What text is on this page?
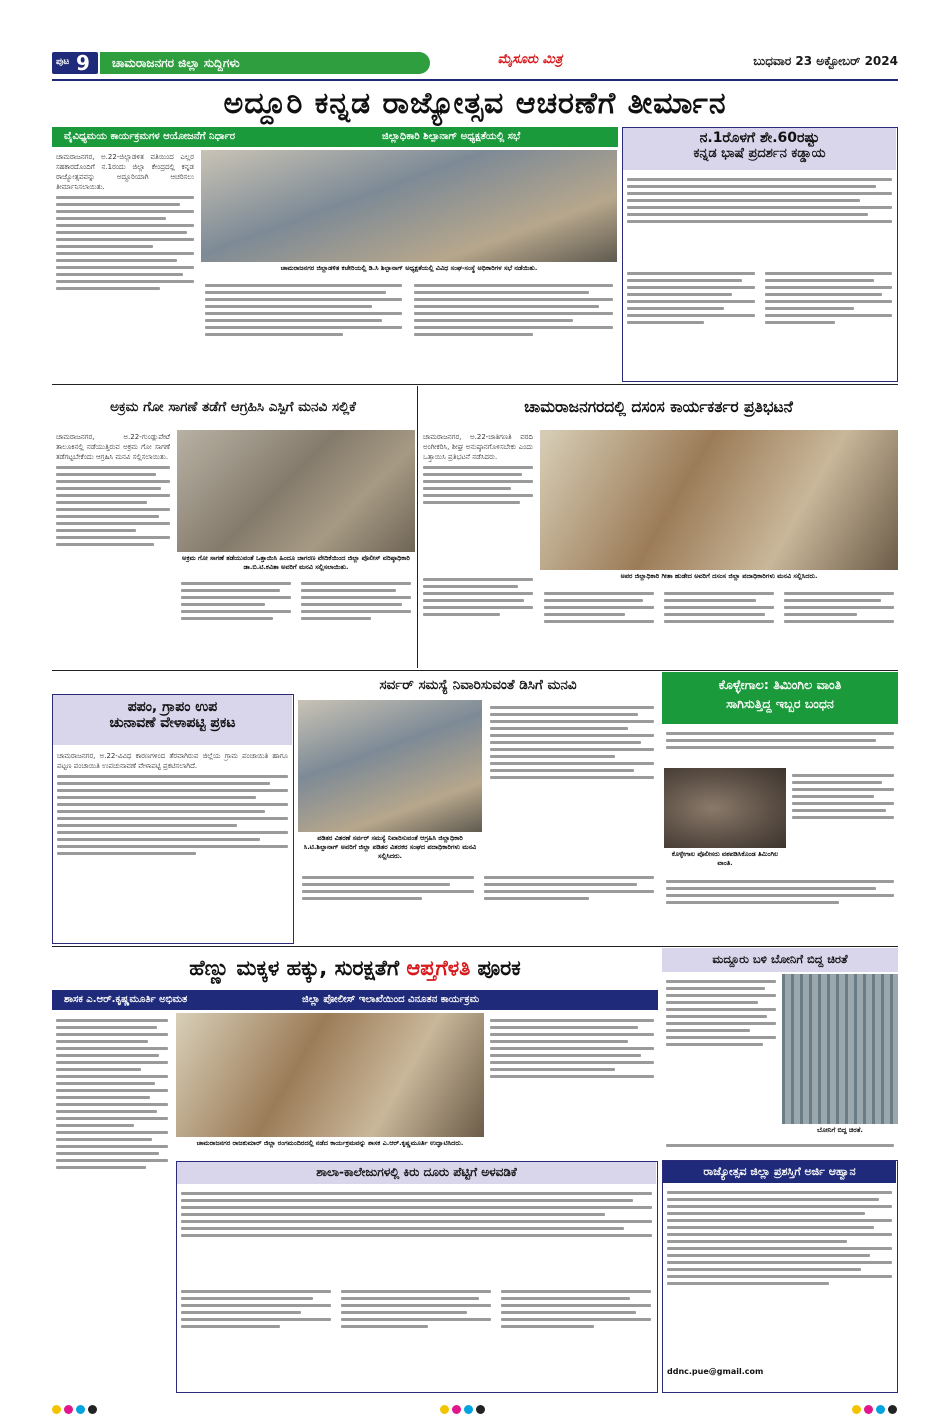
ಪುಟ 9 ಚಾಮರಾಜನಗರ ಜಿಲ್ಲಾ ಸುದ್ದಿಗಳು	ಮೈಸೂರು ಮಿತ್ರ	ಬುಧವಾರ 23 ಅಕ್ಟೋಬರ್ 2024
ಅದ್ದೂರಿ ಕನ್ನಡ ರಾಜ್ಯೋತ್ಸವ ಆಚರಣೆಗೆ ತೀರ್ಮಾನ
ವೈವಿಧ್ಯಮಯ ಕಾರ್ಯಕ್ರಮಗಳ ಆಯೋಜನೆಗೆ ನಿರ್ಧಾರ	ಜಿಲ್ಲಾಧಿಕಾರಿ ಶಿಲ್ಪಾನಾಗ್ ಅಧ್ಯಕ್ಷತೆಯಲ್ಲಿ ಸಭೆ
ಚಾಮರಾಜನಗರ, ಅ.22-ಜಿಲ್ಲಾಡಳಿತ ವತಿಯಿಂದ ಎಲ್ಲರ ಸಹಕಾರದೊಂದಿಗೆ ನ.1ರಂದು ಜಿಲ್ಲಾ ಕೇಂದ್ರದಲ್ಲಿ ಕನ್ನಡ ರಾಜ್ಯೋತ್ಸವವನ್ನು ಅದ್ದೂರಿಯಾಗಿ ಆಚರಿಸಲು ತೀರ್ಮಾನಿಸಲಾಯಿತು.
ಚಾಮರಾಜನಗರ ಜಿಲ್ಲಾಡಳಿತ ಕಚೇರಿಯಲ್ಲಿ ಡಿ.ಸಿ ಶಿಲ್ಪಾನಾಗ್ ಅಧ್ಯಕ್ಷತೆಯಲ್ಲಿ ವಿವಿಧ ಸಂಘ-ಸಂಸ್ಥೆ ಅಧಿಕಾರಿಗಳ ಸಭೆ ನಡೆಯಿತು.
ನ.1ರೊಳಗೆ ಶೇ.60ರಷ್ಟು
ಕನ್ನಡ ಭಾಷೆ ಪ್ರದರ್ಶನ ಕಡ್ಡಾಯ
ಅಕ್ರಮ ಗೋ ಸಾಗಣೆ ತಡೆಗೆ ಆಗ್ರಹಿಸಿ ಎಸ್ಪಿಗೆ ಮನವಿ ಸಲ್ಲಿಕೆ
ಚಾಮರಾಜನಗರ, ಅ.22-ಗುಂಡ್ಲುಪೇಟೆ ತಾಲೂಕಿನಲ್ಲಿ ನಡೆಯುತ್ತಿರುವ ಅಕ್ರಮ ಗೋ ಸಾಗಣೆ ತಡೆಗಟ್ಟಬೇಕೆಂದು ಆಗ್ರಹಿಸಿ ಮನವಿ ಸಲ್ಲಿಸಲಾಯಿತು.
ಅಕ್ರಮ ಗೋ ಸಾಗಣೆ ತಡೆಯುವಂತೆ ಒತ್ತಾಯಿಸಿ ಹಿಂದೂ ಜಾಗರಣ ವೇದಿಕೆಯಿಂದ ಜಿಲ್ಲಾ ಪೊಲೀಸ್ ವರಿಷ್ಠಾಧಿಕಾರಿ ಡಾ.ಬಿ.ಟಿ.ಕವಿತಾ ಅವರಿಗೆ ಮನವಿ ಸಲ್ಲಿಸಲಾಯಿತು.
ಚಾಮರಾಜನಗರದಲ್ಲಿ ದಸಂಸ ಕಾರ್ಯಕರ್ತರ ಪ್ರತಿಭಟನೆ
ಚಾಮರಾಜನಗರ, ಅ.22-ಜಾತಿಗಣತಿ ವರದಿ ಅಂಗೀಕರಿಸಿ, ಶೀಘ್ರ ಅನುಷ್ಠಾನಗೊಳಿಸಬೇಕು ಎಂದು ಒತ್ತಾಯಿಸಿ ಪ್ರತಿಭಟನೆ ನಡೆಸಿದರು.
ಅಪರ ಜಿಲ್ಲಾಧಿಕಾರಿ ಗೀತಾ ಹುಡೇದ ಅವರಿಗೆ ದಸಂಸ ಜಿಲ್ಲಾ ಪದಾಧಿಕಾರಿಗಳು ಮನವಿ ಸಲ್ಲಿಸಿದರು.
ಪಪಂ, ಗ್ರಾಪಂ ಉಪ
ಚುನಾವಣೆ ವೇಳಾಪಟ್ಟಿ ಪ್ರಕಟ
ಚಾಮರಾಜನಗರ, ಅ.22-ವಿವಿಧ ಕಾರಣಗಳಿಂದ ತೆರವಾಗಿರುವ ಜಿಲ್ಲೆಯ ಗ್ರಾಮ ಪಂಚಾಯಿತಿ ಹಾಗೂ ಪಟ್ಟಣ ಪಂಚಾಯಿತಿ ಉಪಚುನಾವಣೆ ವೇಳಾಪಟ್ಟಿ ಪ್ರಕಟಿಸಲಾಗಿದೆ.
ಸರ್ವರ್ ಸಮಸ್ಯೆ ನಿವಾರಿಸುವಂತೆ ಡಿಸಿಗೆ ಮನವಿ
ಪಡಿತರ ವಿತರಣೆ ಸರ್ವರ್ ಸಮಸ್ಯೆ ನಿವಾರಿಸುವಂತೆ ಆಗ್ರಹಿಸಿ ಜಿಲ್ಲಾಧಿಕಾರಿ ಸಿ.ಟಿ.ಶಿಲ್ಪಾನಾಗ್ ಅವರಿಗೆ ಜಿಲ್ಲಾ ಪಡಿತರ ವಿತರಕರ ಸಂಘದ ಪದಾಧಿಕಾರಿಗಳು ಮನವಿ ಸಲ್ಲಿಸಿದರು.
ಕೊಳ್ಳೇಗಾಲ: ತಿಮಿಂಗಿಲ ವಾಂತಿ
ಸಾಗಿಸುತ್ತಿದ್ದ ಇಬ್ಬರ ಬಂಧನ
ಕೊಳ್ಳೇಗಾಲ ಪೊಲೀಸರು ವಶಪಡಿಸಿಕೊಂಡ ತಿಮಿಂಗಿಲ ವಾಂತಿ.
ಹೆಣ್ಣು ಮಕ್ಕಳ ಹಕ್ಕು, ಸುರಕ್ಷತೆಗೆ ಆಪ್ತಗೆಳತಿ ಪೂರಕ
ಶಾಸಕ ಎ.ಆರ್.ಕೃಷ್ಣಮೂರ್ತಿ ಅಭಿಮತ	ಜಿಲ್ಲಾ ಪೋಲೀಸ್ ಇಲಾಖೆಯಿಂದ ವಿನೂತನ ಕಾರ್ಯಕ್ರಮ
ಚಾಮರಾಜನಗರ ರಾಜಕುಮಾರ್ ಜಿಲ್ಲಾ ರಂಗಮಂದಿರದಲ್ಲಿ ನಡೆದ ಕಾರ್ಯಕ್ರಮವನ್ನು ಶಾಸಕ ಎ.ಆರ್.ಕೃಷ್ಣಮೂರ್ತಿ ಉದ್ಘಾಟಿಸಿದರು.
ಶಾಲಾ-ಕಾಲೇಜುಗಳಲ್ಲಿ ಕಿರು ದೂರು ಪೆಟ್ಟಿಗೆ ಅಳವಡಿಕೆ
ಮದ್ದೂರು ಬಳಿ ಬೋನಿಗೆ ಬಿದ್ದ ಚಿರತೆ
ಬೋನಿಗೆ ಬಿದ್ದ ಚಿರತೆ.
ರಾಜ್ಯೋತ್ಸವ ಜಿಲ್ಲಾ ಪ್ರಶಸ್ತಿಗೆ ಅರ್ಜಿ ಆಹ್ವಾನ
ddnc.pue@gmail.com
